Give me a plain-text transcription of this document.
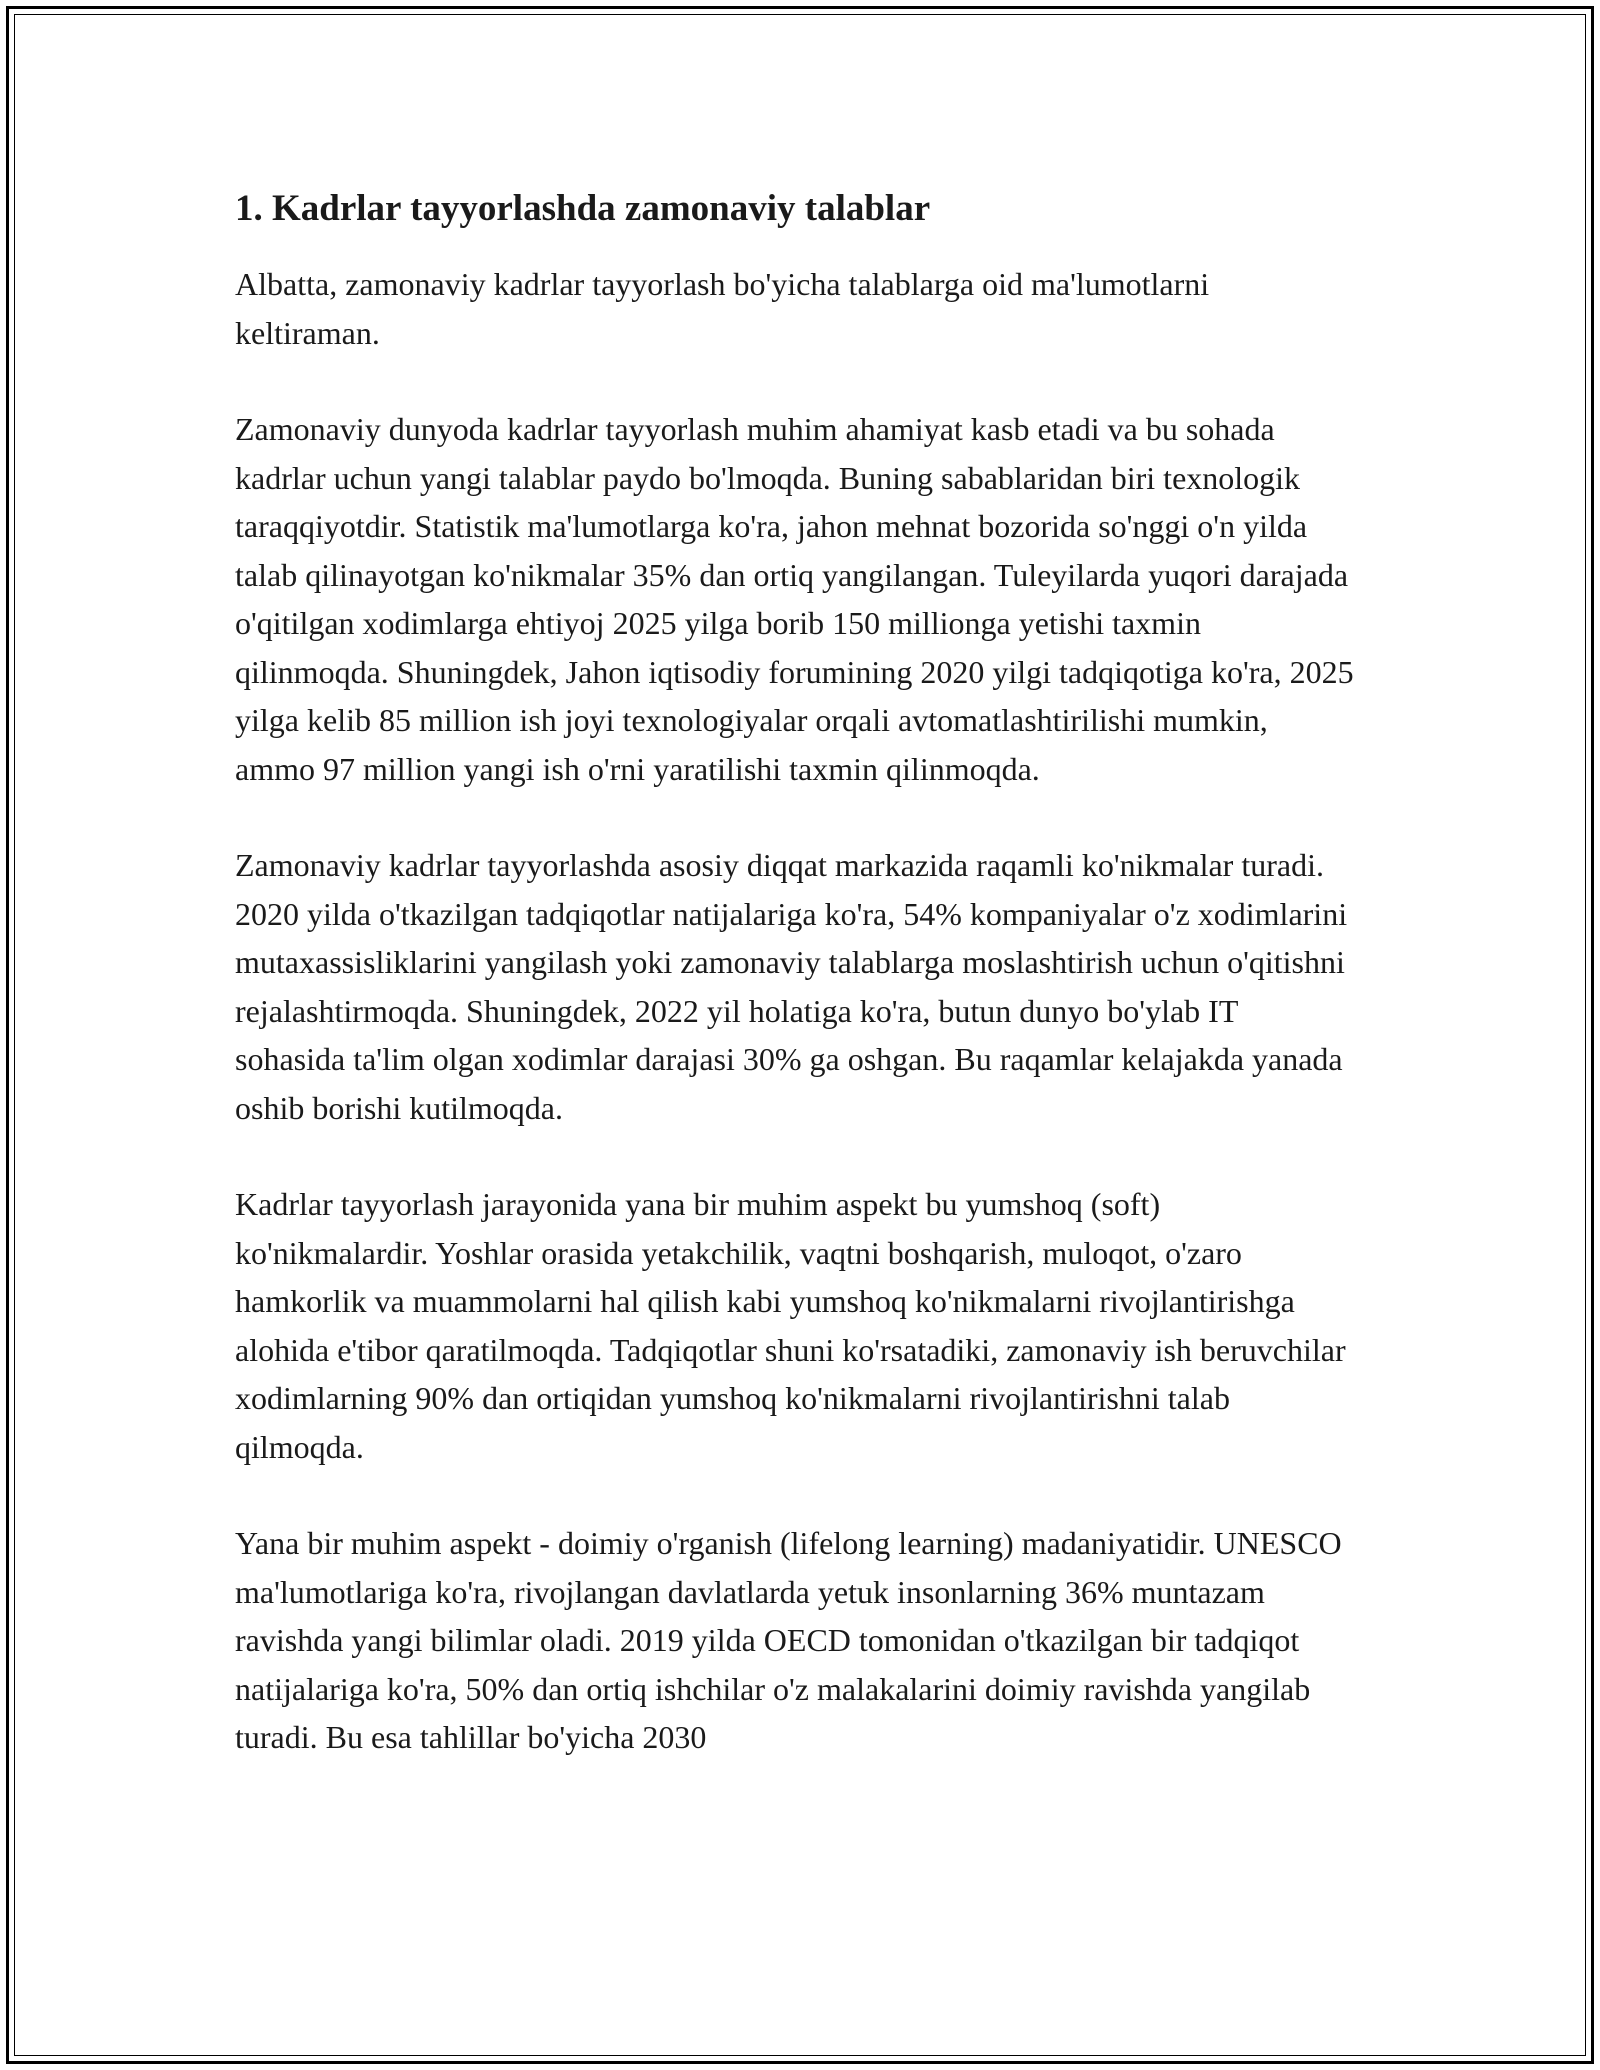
1. Kadrlar tayyorlashda zamonaviy talablar

Albatta, zamonaviy kadrlar tayyorlash bo'yicha talablarga oid ma'lumotlarni keltiraman.

Zamonaviy dunyoda kadrlar tayyorlash muhim ahamiyat kasb etadi va bu sohada kadrlar uchun yangi talablar paydo bo'lmoqda. Buning sabablaridan biri texnologik taraqqiyotdir. Statistik ma'lumotlarga ko'ra, jahon mehnat bozorida so'nggi o'n yilda talab qilinayotgan ko'nikmalar 35% dan ortiq yangilangan. Tuleyilarda yuqori darajada o'qitilgan xodimlarga ehtiyoj 2025 yilga borib 150 millionga yetishi taxmin qilinmoqda. Shuningdek, Jahon iqtisodiy forumining 2020 yilgi tadqiqotiga ko'ra, 2025 yilga kelib 85 million ish joyi texnologiyalar orqali avtomatlashtirilishi mumkin, ammo 97 million yangi ish o'rni yaratilishi taxmin qilinmoqda.

Zamonaviy kadrlar tayyorlashda asosiy diqqat markazida raqamli ko'nikmalar turadi. 2020 yilda o'tkazilgan tadqiqotlar natijalariga ko'ra, 54% kompaniyalar o'z xodimlarini mutaxassisliklarini yangilash yoki zamonaviy talablarga moslashtirish uchun o'qitishni rejalashtirmoqda. Shuningdek, 2022 yil holatiga ko'ra, butun dunyo bo'ylab IT sohasida ta'lim olgan xodimlar darajasi 30% ga oshgan. Bu raqamlar kelajakda yanada oshib borishi kutilmoqda.

Kadrlar tayyorlash jarayonida yana bir muhim aspekt bu yumshoq (soft) ko'nikmalardir. Yoshlar orasida yetakchilik, vaqtni boshqarish, muloqot, o'zaro hamkorlik va muammolarni hal qilish kabi yumshoq ko'nikmalarni rivojlantirishga alohida e'tibor qaratilmoqda. Tadqiqotlar shuni ko'rsatadiki, zamonaviy ish beruvchilar xodimlarning 90% dan ortiqidan yumshoq ko'nikmalarni rivojlantirishni talab qilmoqda.

Yana bir muhim aspekt - doimiy o'rganish (lifelong learning) madaniyatidir. UNESCO ma'lumotlariga ko'ra, rivojlangan davlatlarda yetuk insonlarning 36% muntazam ravishda yangi bilimlar oladi. 2019 yilda OECD tomonidan o'tkazilgan bir tadqiqot natijalariga ko'ra, 50% dan ortiq ishchilar o'z malakalarini doimiy ravishda yangilab turadi. Bu esa tahlillar bo'yicha 2030
